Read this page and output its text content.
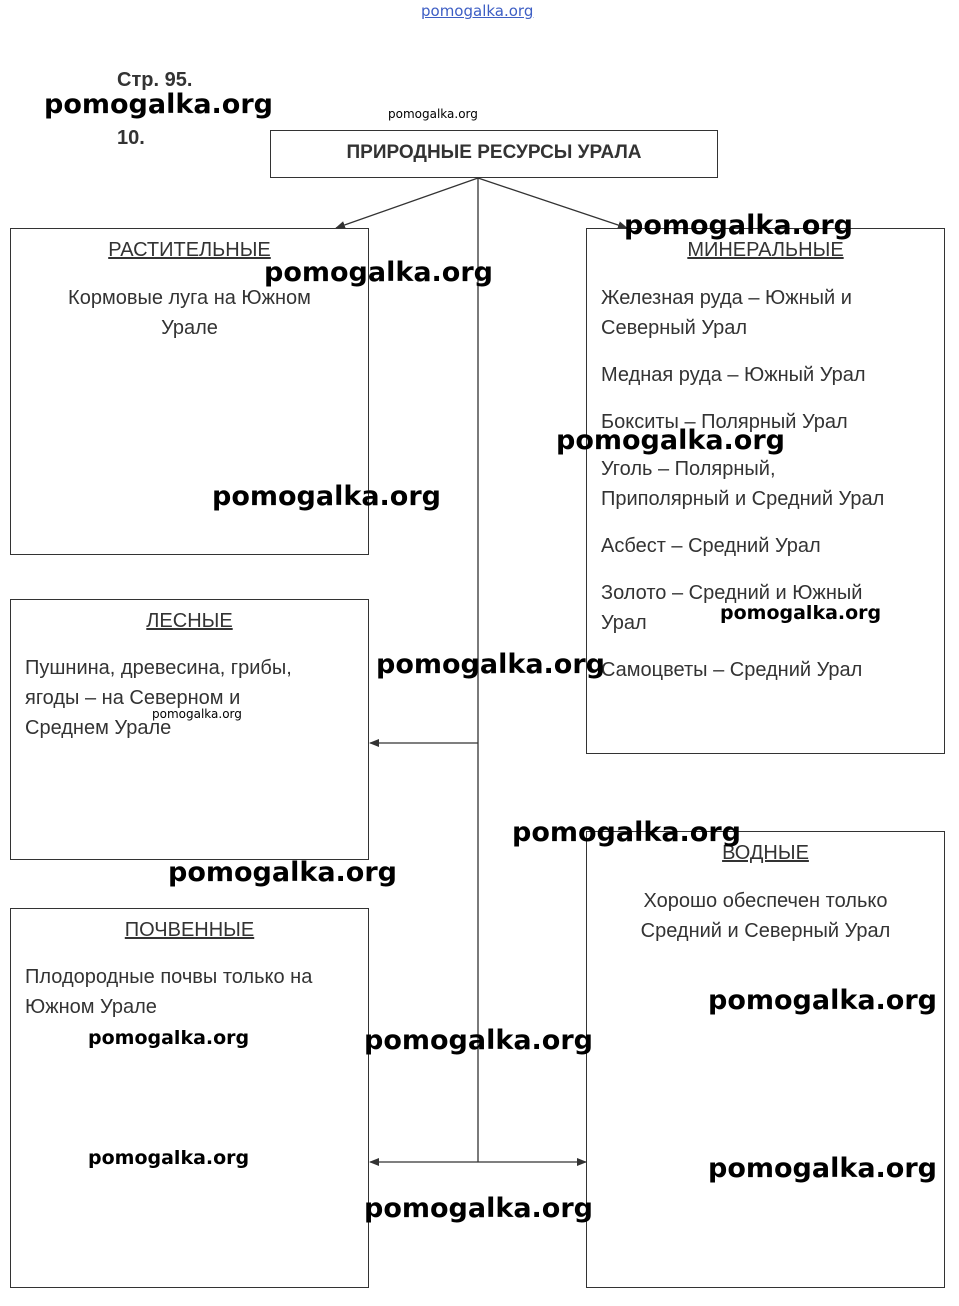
pomogalka.org
Стр. 95.
10.
ПРИРОДНЫЕ РЕСУРСЫ УРАЛА
РАСТИТЕЛЬНЫЕ
Кормовые луга на Южном
Урале
МИНЕРАЛЬНЫЕ
Железная руда – Южный и
Северный Урал
Медная руда – Южный Урал
Бокситы – Полярный Урал
Уголь – Полярный,
Приполярный и Средний Урал
Асбест – Средний Урал
Золото – Средний и Южный
Урал
Самоцветы – Средний Урал
ЛЕСНЫЕ
Пушнина, древесина, грибы,
ягоды – на Северном и
Среднем Урале
ВОДНЫЕ
Хорошо обеспечен только
Средний и Северный Урал
ПОЧВЕННЫЕ
Плодородные почвы только на
Южном Урале
pomogalka.org	pomogalka.org
pomogalka.org
pomogalka.org
pomogalka.org
pomogalka.org
pomogalka.org
pomogalka.org
pomogalka.org
pomogalka.org
pomogalka.org
pomogalka.org
pomogalka.org	pomogalka.org
pomogalka.org	pomogalka.org
pomogalka.org
